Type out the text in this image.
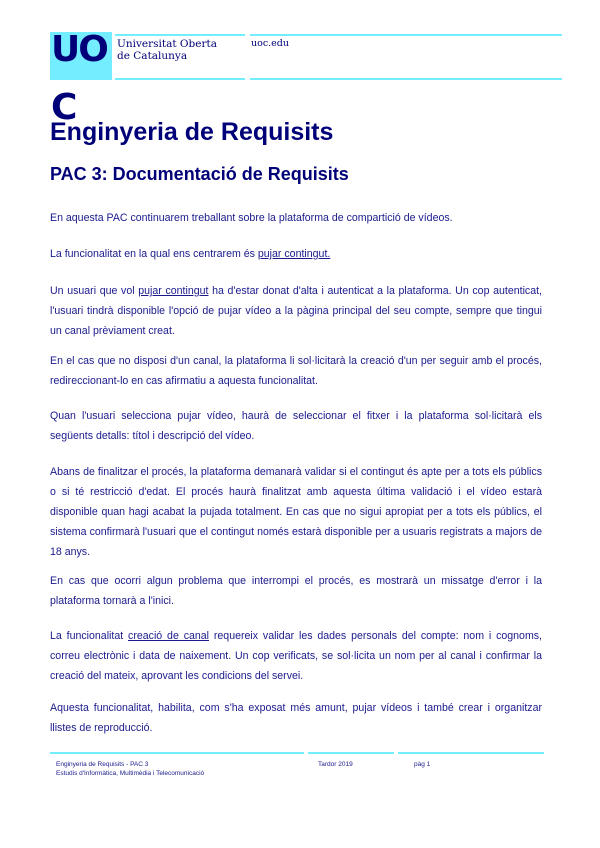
UOC
Universitat Oberta
de Catalunya
uoc.edu
Enginyeria de Requisits
PAC 3: Documentació de Requisits

En aquesta PAC continuarem treballant sobre la plataforma de compartició de vídeos.

La funcionalitat en la qual ens centrarem és pujar contingut.

Un usuari que vol pujar contingut ha d'estar donat d'alta i autenticat a la plataforma. Un cop autenticat, l'usuari tindrà disponible l'opció de pujar vídeo a la pàgina principal del seu compte, sempre que tingui un canal prèviament creat.

En el cas que no disposi d'un canal, la plataforma li sol·licitarà la creació d'un per seguir amb el procés, redireccionant-lo en cas afirmatiu a aquesta funcionalitat.

Quan l'usuari selecciona pujar vídeo, haurà de seleccionar el fitxer i la plataforma sol·licitarà els següents detalls: títol i descripció del vídeo.

Abans de finalitzar el procés, la plataforma demanarà validar si el contingut és apte per a tots els públics o si té restricció d'edat. El procés haurà finalitzat amb aquesta última validació i el vídeo estarà disponible quan hagi acabat la pujada totalment. En cas que no sigui apropiat per a tots els públics, el sistema confirmarà l'usuari que el contingut només estarà disponible per a usuaris registrats a majors de 18 anys.

En cas que ocorri algun problema que interrompi el procés, es mostrarà un missatge d'error i la plataforma tornarà a l'inici.

La funcionalitat creació de canal requereix validar les dades personals del compte: nom i cognoms, correu electrònic i data de naixement. Un cop verificats, se sol·licita un nom per al canal i confirmar la creació del mateix, aprovant les condicions del servei.

Aquesta funcionalitat, habilita, com s'ha exposat més amunt, pujar vídeos i també crear i organitzar llistes de reproducció.

Enginyeria de Requisits - PAC 3
Estudis d'Informàtica, Multimèdia i Telecomunicació
Tardor 2019	pàg 1
